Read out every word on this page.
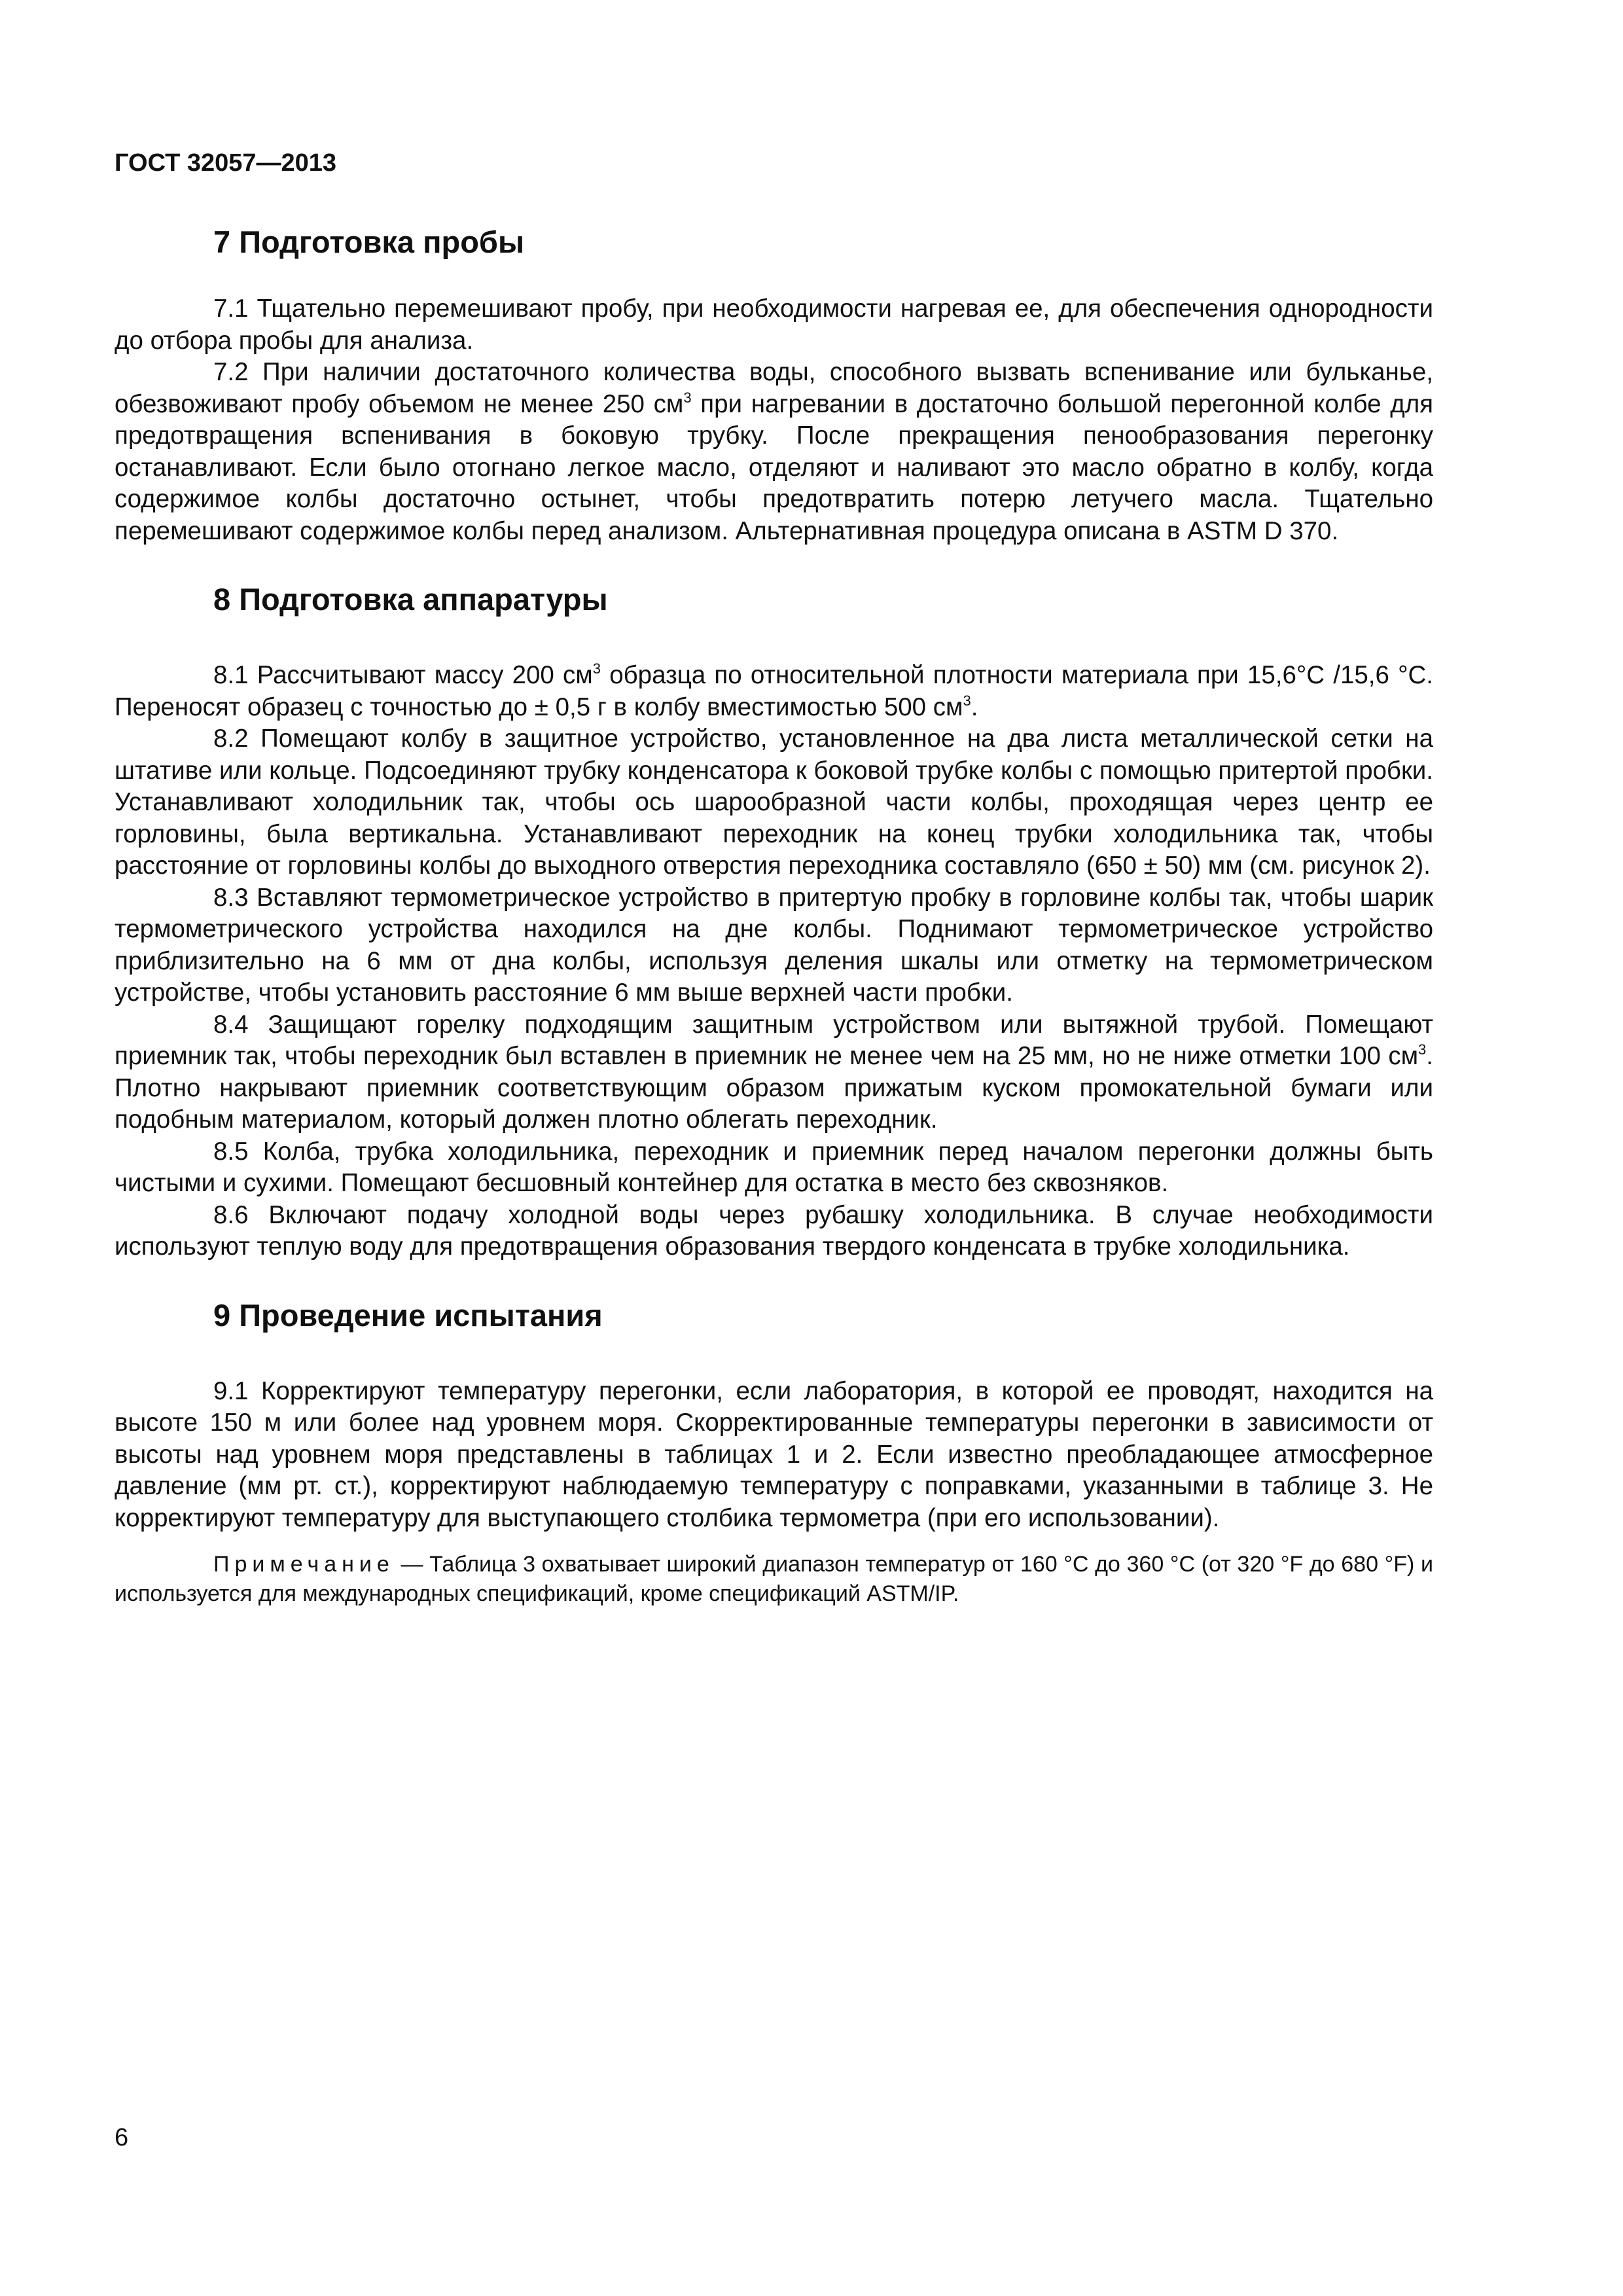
ГОСТ 32057—2013
7 Подготовка пробы

7.1 Тщательно перемешивают пробу, при необходимости нагревая ее, для обеспечения однородности до отбора пробы для анализа.

7.2 При наличии достаточного количества воды, способного вызвать вспенивание или бульканье, обезвоживают пробу объемом не менее 250 $см^3$ при нагревании в достаточно большой перегонной колбе для предотвращения вспенивания в боковую трубку. После прекращения пенообразования перегонку останавливают. Если было отогнано легкое масло, отделяют и наливают это масло обратно в колбу, когда содержимое колбы достаточно остынет, чтобы предотвратить потерю летучего масла. Тщательно перемешивают содержимое колбы перед анализом. Альтернативная процедура описана в ASTM D 370.

8 Подготовка аппаратуры

8.1 Рассчитывают массу 200 $см^3$ образца по относительной плотности материала при 15,6°С /15,6 °С. Переносят образец с точностью до ± 0,5 г в колбу вместимостью 500 $см^3$.

8.2 Помещают колбу в защитное устройство, установленное на два листа металлической сетки на штативе или кольце. Подсоединяют трубку конденсатора к боковой трубке колбы с помощью притертой пробки. Устанавливают холодильник так, чтобы ось шарообразной части колбы, проходящая через центр ее горловины, была вертикальна. Устанавливают переходник на конец трубки холодильника так, чтобы расстояние от горловины колбы до выходного отверстия переходника составляло (650 ± 50) мм (см. рисунок 2).

8.3 Вставляют термометрическое устройство в притертую пробку в горловине колбы так, чтобы шарик термометрического устройства находился на дне колбы. Поднимают термометрическое устройство приблизительно на 6 мм от дна колбы, используя деления шкалы или отметку на термометрическом устройстве, чтобы установить расстояние 6 мм выше верхней части пробки.

8.4 Защищают горелку подходящим защитным устройством или вытяжной трубой. Помещают приемник так, чтобы переходник был вставлен в приемник не менее чем на 25 мм, но не ниже отметки 100 $см^3$. Плотно накрывают приемник соответствующим образом прижатым куском промокательной бумаги или подобным материалом, который должен плотно облегать переходник.

8.5 Колба, трубка холодильника, переходник и приемник перед началом перегонки должны быть чистыми и сухими. Помещают бесшовный контейнер для остатка в место без сквозняков.

8.6 Включают подачу холодной воды через рубашку холодильника. В случае необходимости используют теплую воду для предотвращения образования твердого конденсата в трубке холодильника.

9 Проведение испытания

9.1 Корректируют температуру перегонки, если лаборатория, в которой ее проводят, находится на высоте 150 м или более над уровнем моря. Скорректированные температуры перегонки в зависимости от высоты над уровнем моря представлены в таблицах 1 и 2. Если известно преобладающее атмосферное давление (мм рт. ст.), корректируют наблюдаемую температуру с поправками, указанными в таблице 3. Не корректируют температуру для выступающего столбика термометра (при его использовании).

Примечание — Таблица 3 охватывает широкий диапазон температур от 160 °С до 360 °С (от 320 °F до 680 °F) и используется для международных спецификаций, кроме спецификаций ASTM/IP.

6
